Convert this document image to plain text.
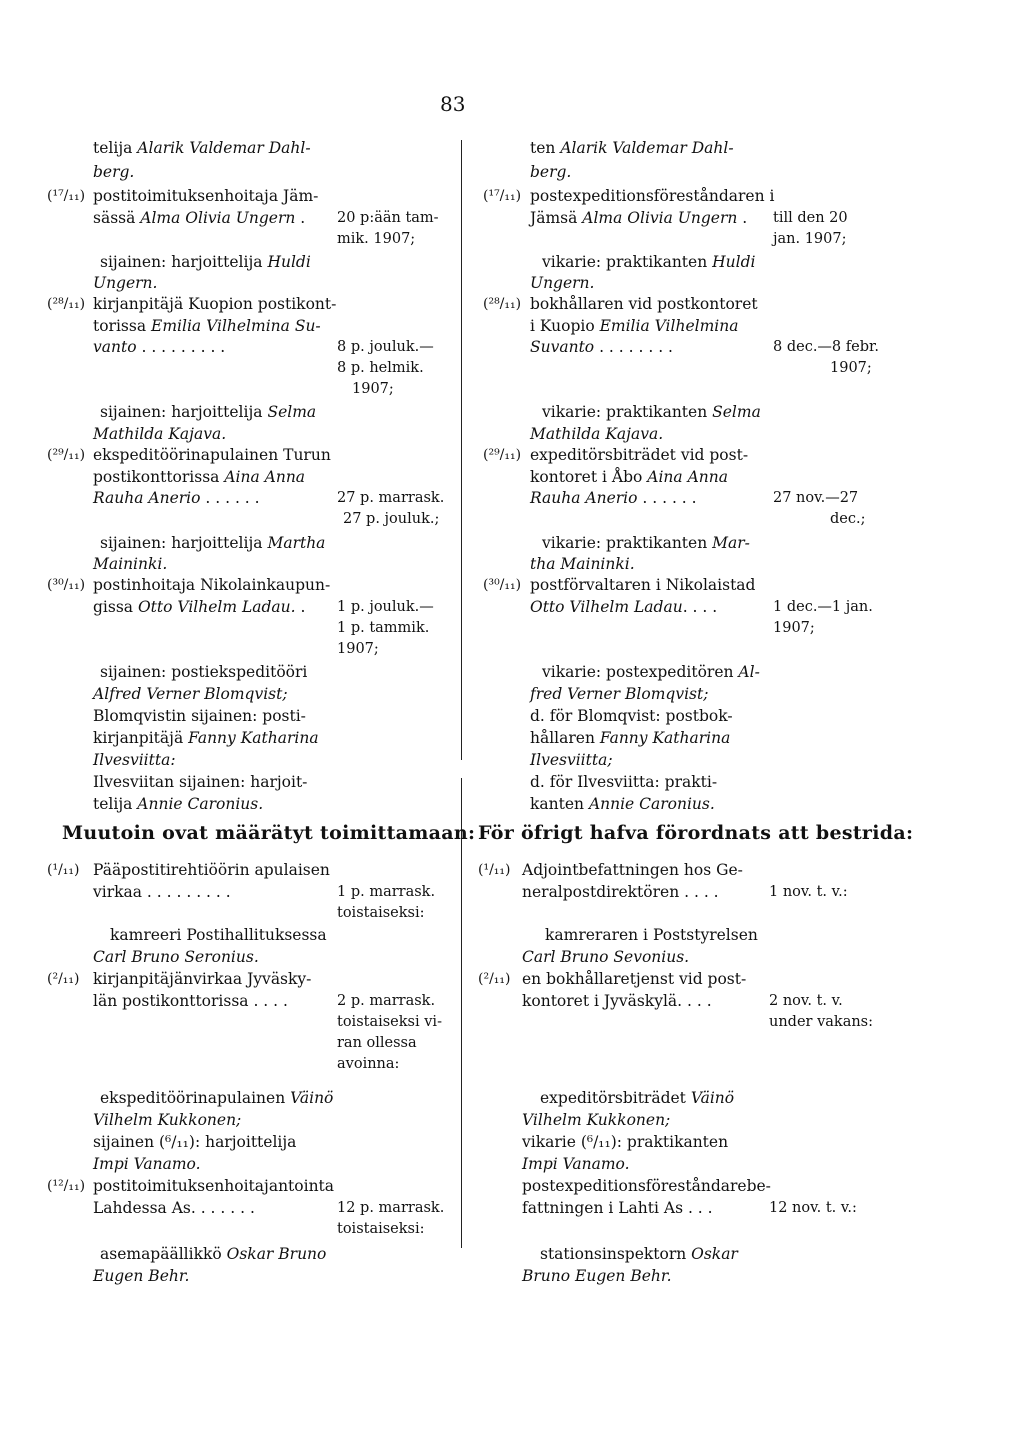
83
telija Alarik Valdemar Dahl-
berg.
(¹⁷/₁₁) postitoimituksenhoitaja Jäm-
sässä Alma Olivia Ungern . 20 p:ään tam-
mik. 1907;
sijainen: harjoittelija Huldi
Ungern.
(²⁸/₁₁) kirjanpitäjä Kuopion postikont-
torissa Emilia Vilhelmina Su-
vanto . . . . . . . . .	8 p. jouluk.—
8 p. helmik.
1907;
sijainen: harjoittelija Selma
Mathilda Kajava.
(²⁹/₁₁) ekspeditöörinapulainen Turun
postikonttorissa Aina Anna
Rauha Anerio . . . . . .	27 p. marrask.
27 p. jouluk.;
sijainen: harjoittelija Martha
Maininki.
(³⁰/₁₁) postinhoitaja Nikolainkaupun-
gissa Otto Vilhelm Ladau. . 1 p. jouluk.—
1 p. tammik.
1907;
sijainen: postiekspeditööri
Alfred Verner Blomqvist;
Blomqvistin sijainen: posti-
kirjanpitäjä Fanny Katharina
Ilvesviitta:
Ilvesviitan sijainen: harjoit-
telija Annie Caronius.
ten Alarik Valdemar Dahl-
berg.
(¹⁷/₁₁) postexpeditionsföreståndaren i
Jämsä Alma Olivia Ungern . till den 20
jan. 1907;
vikarie: praktikanten Huldi
Ungern.
(²⁸/₁₁) bokhållaren vid postkontoret
i Kuopio Emilia Vilhelmina
Suvanto . . . . . . . .	8 dec.—8 febr.
1907;
vikarie: praktikanten Selma
Mathilda Kajava.
(²⁹/₁₁) expeditörsbiträdet vid post-
kontoret i Åbo Aina Anna
Rauha Anerio . . . . . .	27 nov.—27
dec.;
vikarie: praktikanten Mar-
tha Maininki.
(³⁰/₁₁) postförvaltaren i Nikolaistad
Otto Vilhelm Ladau. . . .	1 dec.—1 jan.
1907;
vikarie: postexpeditören Al-
fred Verner Blomqvist;
d. för Blomqvist: postbok-
hållaren Fanny Katharina
Ilvesviitta;
d. för Ilvesviitta: prakti-
kanten Annie Caronius.
Muutoin ovat määrätyt toimittamaan: För öfrigt hafva förordnats att bestrida:
(¹/₁₁) Pääpostitirehtiöörin apulaisen
virkaa . . . . . . . . .	1 p. marrask.
toistaiseksi:
kamreeri Postihallituksessa
Carl Bruno Seronius.
(²/₁₁) kirjanpitäjänvirkaa Jyväsky-
län postikonttorissa . . . .	2 p. marrask.
toistaiseksi vi-
ran ollessa
avoinna:
ekspeditöörinapulainen Väinö
Vilhelm Kukkonen;
sijainen (⁶/₁₁): harjoittelija
Impi Vanamo.
(¹²/₁₁) postitoimituksenhoitajantointa
Lahdessa As. . . . . . .	12 p. marrask.
toistaiseksi:
asemapäällikkö Oskar Bruno
Eugen Behr.
(¹/₁₁) Adjointbefattningen hos Ge-
neralpostdirektören . . . .	1 nov. t. v.:
kamreraren i Poststyrelsen
Carl Bruno Sevonius.
(²/₁₁) en bokhållaretjenst vid post-
kontoret i Jyväskylä. . . .	2 nov. t. v.
under vakans:
expeditörsbiträdet Väinö
Vilhelm Kukkonen;
vikarie (⁶/₁₁): praktikanten
Impi Vanamo.
postexpeditionsföreståndarebe-
fattningen i Lahti As . . .	12 nov. t. v.:
stationsinspektorn Oskar
Bruno Eugen Behr.
